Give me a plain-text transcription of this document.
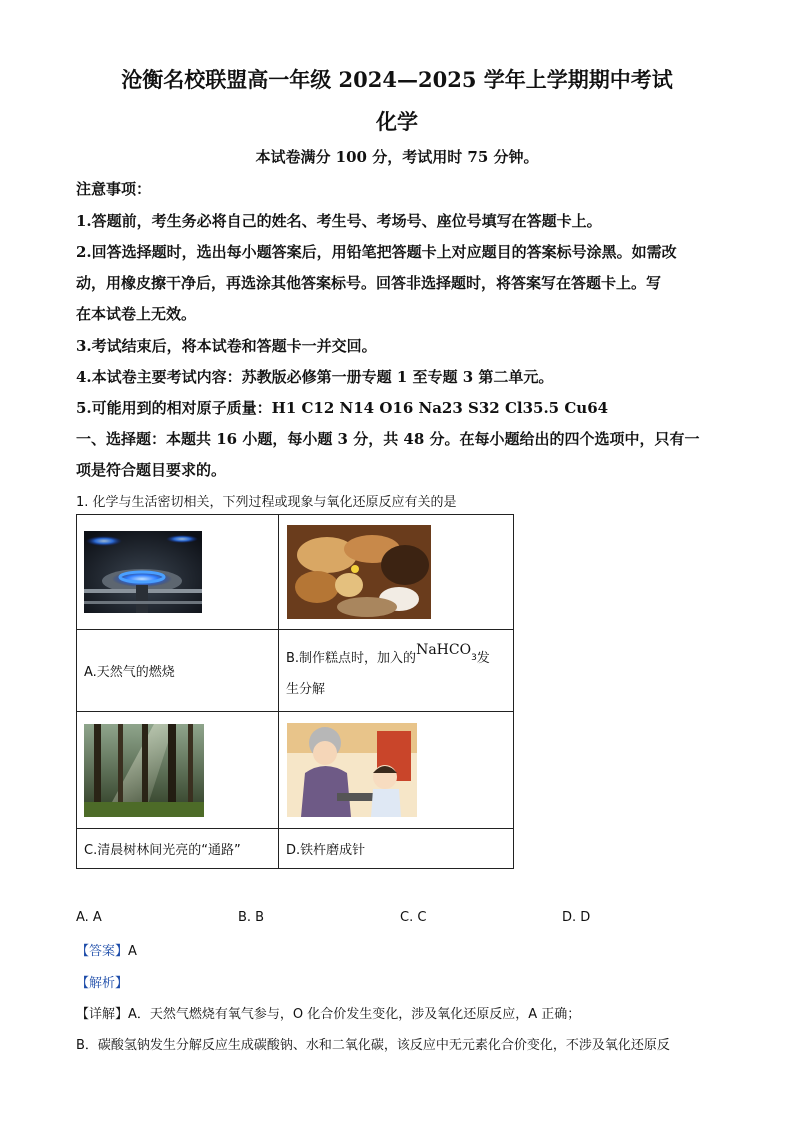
沧衡名校联盟高一年级 2024—2025 学年上学期期中考试
化学
本试卷满分 100 分，考试用时 75 分钟。
注意事项：
1.答题前，考生务必将自己的姓名、考生号、考场号、座位号填写在答题卡上。
2.回答选择题时，选出每小题答案后，用铅笔把答题卡上对应题目的答案标号涂黑。如需改
动，用橡皮擦干净后，再选涂其他答案标号。回答非选择题时，将答案写在答题卡上。写
在本试卷上无效。
3.考试结束后，将本试卷和答题卡一并交回。
4.本试卷主要考试内容：苏教版必修第一册专题 1 至专题 3 第二单元。
5.可能用到的相对原子质量：H1 C12 N14 O16 Na23 S32 Cl35.5 Cu64
一、选择题：本题共 16 小题，每小题 3 分，共 48 分。在每小题给出的四个选项中，只有一
项是符合题目要求的。
1. 化学与生活密切相关，下列过程或现象与氧化还原反应有关的是

A.天然气的燃烧	B.制作糕点时，加入的NaHCO$_3$发
生分解

C.清晨树林间光亮的“通路”	D.铁杵磨成针
A. A	B. B	C. C	D. D
【答案】A
【解析】
【详解】A．天然气燃烧有氧气参与，O 化合价发生变化，涉及氧化还原反应，A 正确；
B．碳酸氢钠发生分解反应生成碳酸钠、水和二氧化碳，该反应中无元素化合价变化，不涉及氧化还原反
